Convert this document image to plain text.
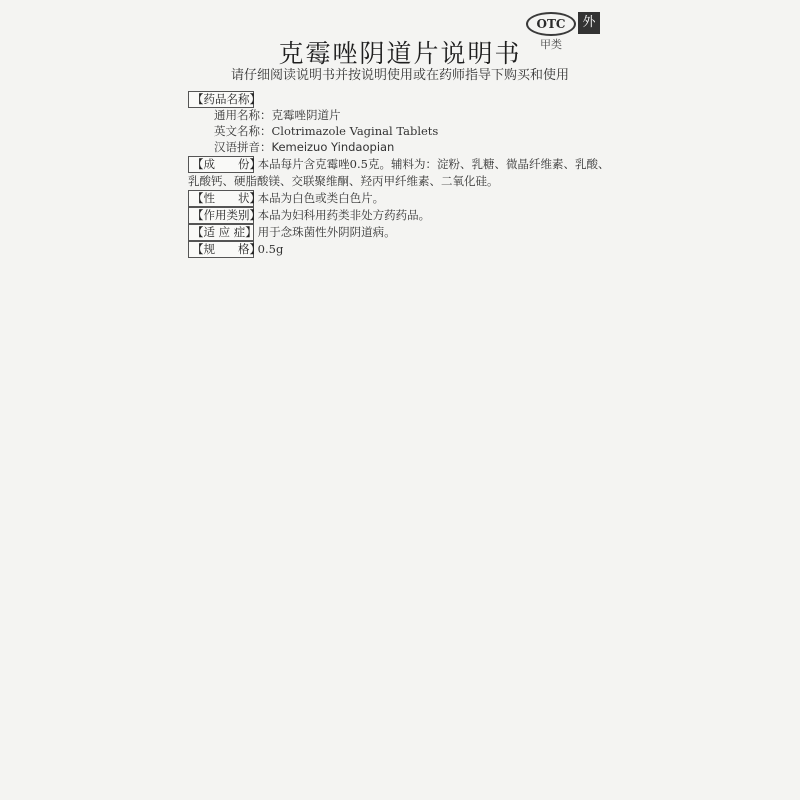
克霉唑阴道片说明书
请仔细阅读说明书并按说明使用或在药师指导下购买和使用
OTC	外
甲类
【药品名称】
通用名称：克霉唑阴道片
英文名称：Clotrimazole Vaginal Tablets
汉语拼音：Kemeizuo Yindaopian
【成　　份】 本品每片含克霉唑0.5克。辅料为：淀粉、乳糖、微晶纤维素、乳酸、
乳酸钙、硬脂酸镁、交联聚维酮、羟丙甲纤维素、二氧化硅。
【性　　状】 本品为白色或类白色片。
【作用类别】 本品为妇科用药类非处方药药品。
【适 应 症】 用于念珠菌性外阴阴道病。
【规　　格】 0.5g
